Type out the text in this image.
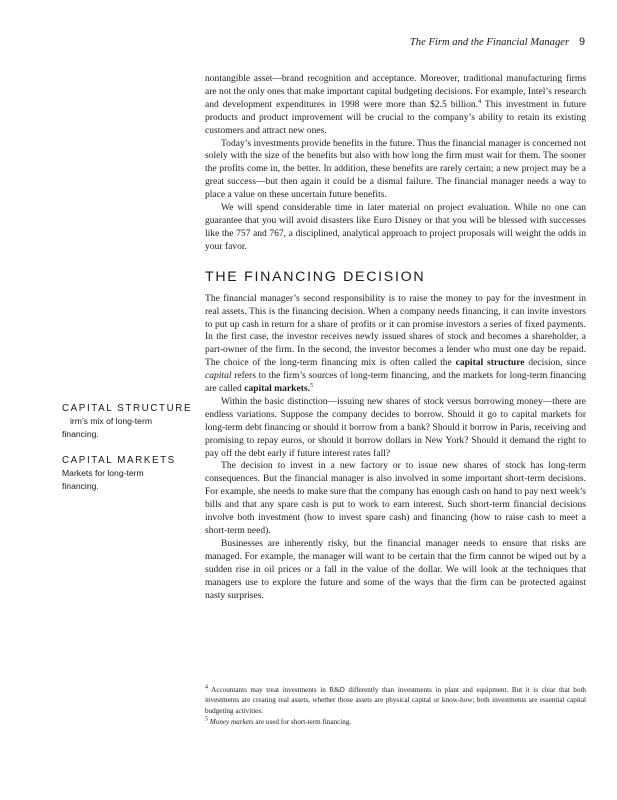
The Firm and the Financial Manager 9

nontangible asset—brand recognition and acceptance. Moreover, traditional manufacturing firms are not the only ones that make important capital budgeting decisions. For example, Intel’s research and development expenditures in 1998 were more than $2.5 billion.$^4$ This investment in future products and product improvement will be crucial to the company’s ability to retain its existing customers and attract new ones.

Today’s investments provide benefits in the future. Thus the financial manager is concerned not solely with the size of the benefits but also with how long the firm must wait for them. The sooner the profits come in, the better. In addition, these benefits are rarely certain; a new project may be a great success—but then again it could be a dismal failure. The financial manager needs a way to place a value on these uncertain future benefits.

We will spend considerable time in later material on project evaluation. While no one can guarantee that you will avoid disasters like Euro Disney or that you will be blessed with successes like the 757 and 767, a disciplined, analytical approach to project proposals will weight the odds in your favor.

THE FINANCING DECISION

The financial manager’s second responsibility is to raise the money to pay for the investment in real assets. This is the financing decision. When a company needs financing, it can invite investors to put up cash in return for a share of profits or it can promise investors a series of fixed payments. In the first case, the investor receives newly issued shares of stock and becomes a shareholder, a part-owner of the firm. In the second, the investor becomes a lender who must one day be repaid. The choice of the long-term financing mix is often called the capital structure decision, since capital refers to the firm’s sources of long-term financing, and the markets for long-term financing are called capital markets.$^5$

Within the basic distinction—issuing new shares of stock versus borrowing money—there are endless variations. Suppose the company decides to borrow. Should it go to capital markets for long-term debt financing or should it borrow from a bank? Should it borrow in Paris, receiving and promising to repay euros, or should it borrow dollars in New York? Should it demand the right to pay off the debt early if future interest rates fall?

The decision to invest in a new factory or to issue new shares of stock has long-term consequences. But the financial manager is also involved in some important short-term decisions. For example, she needs to make sure that the company has enough cash on hand to pay next week’s bills and that any spare cash is put to work to earn interest. Such short-term financial decisions involve both investment (how to invest spare cash) and financing (how to raise cash to meet a short-term need).

Businesses are inherently risky, but the financial manager needs to ensure that risks are managed. For example, the manager will want to be certain that the firm cannot be wiped out by a sudden rise in oil prices or a fall in the value of the dollar. We will look at the techniques that managers use to explore the future and some of the ways that the firm can be protected against nasty surprises.

CAPITAL STRUCTURE
irm’s mix of long-term
financing.
CAPITAL MARKETS
Markets for long-term
financing.

$^4$ Accountants may treat investments in R&D differently than investments in plant and equipment. But it is clear that both investments are creating real assets, whether those assets are physical capital or know-how; both investments are essential capital budgeting activities.

$^5$ Money markets are used for short-term financing.
